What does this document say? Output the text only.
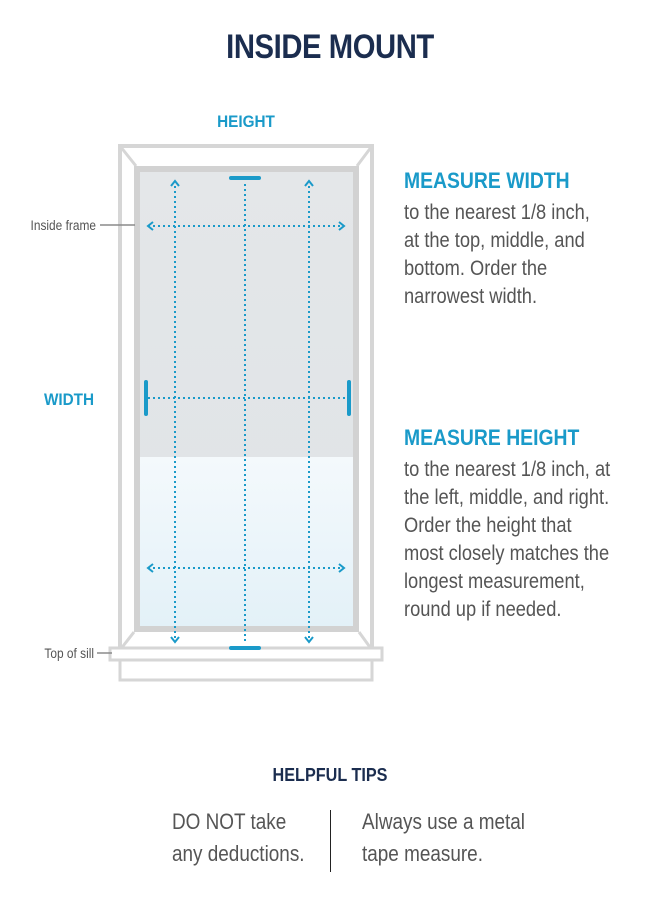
INSIDE MOUNT
HEIGHT
WIDTH
Inside frame
Top of sill
MEASURE WIDTH
to the nearest 1/8 inch,
at the top, middle, and
bottom. Order the
narrowest width.
MEASURE HEIGHT
to the nearest 1/8 inch, at
the left, middle, and right.
Order the height that
most closely matches the
longest measurement,
round up if needed.
HELPFUL TIPS
DO NOT take
any deductions.
Always use a metal
tape measure.
